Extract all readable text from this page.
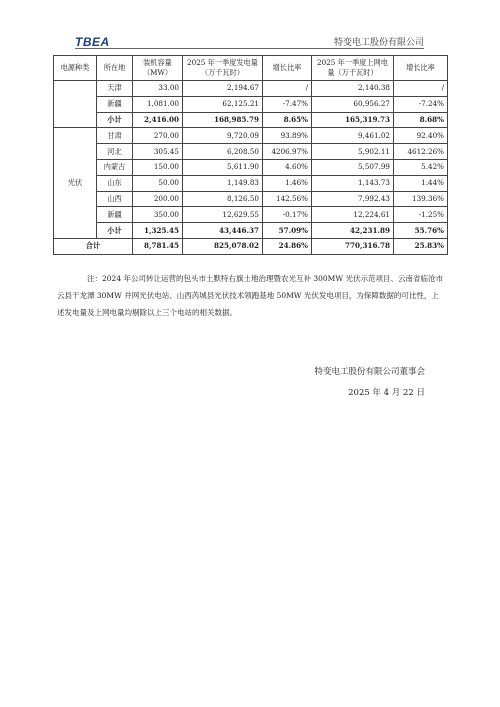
TBEA	特变电工股份有限公司
电源种类	所在地	装机容量（MW）	2025 年一季度发电量（万千瓦时）	增长比率	2025 年一季度上网电量（万千瓦时）	增长比率
	天津	33.00	2,194.67	/	2,140.38	/
	新疆	1,081.00	62,125.21	-7.47%	60,956.27	-7.24%
	小计	2,416.00	168,985.79	8.65%	165,319.73	8.68%
光伏	甘肃	270.00	9,720.09	93.89%	9,461.02	92.40%
	河北	305.45	6,208.50	4206.97%	5,902.11	4612.26%
	内蒙古	150.00	5,611.90	4.60%	5,507.99	5.42%
	山东	50.00	1,149.83	1.46%	1,143.73	1.44%
	山西	200.00	8,126.50	142.56%	7,992.43	139.36%
	新疆	350.00	12,629.55	-0.17%	12,224.61	-1.25%
	小计	1,325.45	43,446.37	57.09%	42,231.89	55.76%
合计		8,781.45	825,078.02	24.86%	770,316.78	25.83%
注：2024 年公司转让运营的包头市土默特右旗土地治理暨农光互补 300MW 光伏示范项目、云南省临沧市云县干龙潭 30MW 并网光伏电站、山西芮城县光伏技术领跑基地 50MW 光伏发电项目，为保障数据的可比性，上述发电量及上网电量均剔除以上三个电站的相关数据。
特变电工股份有限公司董事会
2025 年 4 月 22 日
